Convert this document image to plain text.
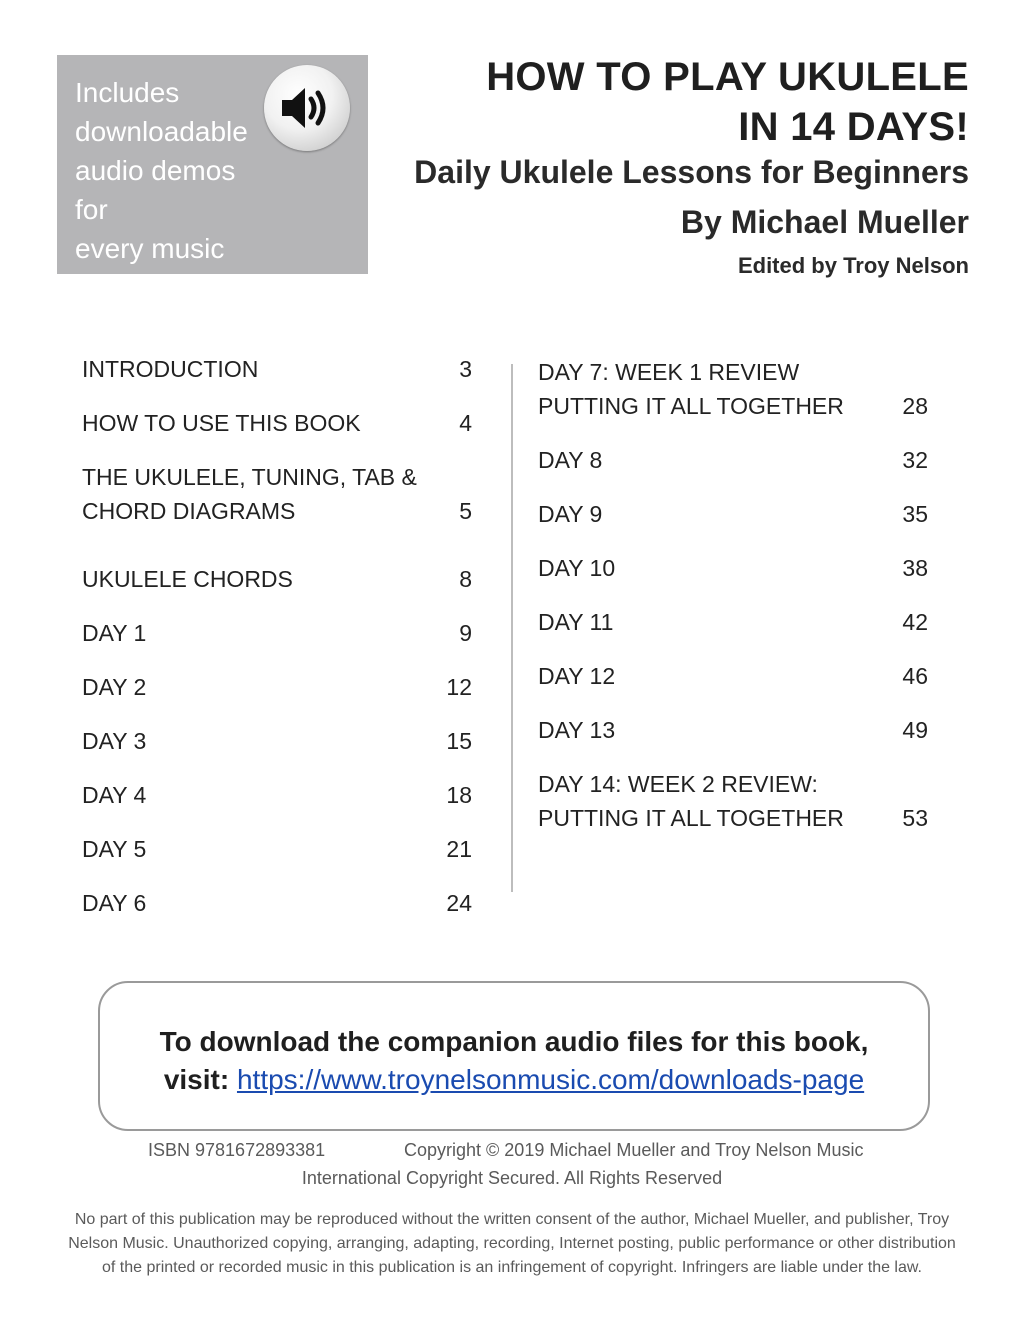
Includes
downloadable
audio demos for
every music
example!

HOW TO PLAY UKULELE
IN 14 DAYS!
Daily Ukulele Lessons for Beginners
By Michael Mueller
Edited by Troy Nelson
INTRODUCTION	3
HOW TO USE THIS BOOK	4
THE UKULELE, TUNING, TAB &
CHORD DIAGRAMS	5
UKULELE CHORDS	8
DAY 1	9
DAY 2	12
DAY 3	15
DAY 4	18
DAY 5	21
DAY 6	24
DAY 7: WEEK 1 REVIEW
PUTTING IT ALL TOGETHER	28
DAY 8	32
DAY 9	35
DAY 10	38
DAY 11	42
DAY 12	46
DAY 13	49
DAY 14: WEEK 2 REVIEW:
PUTTING IT ALL TOGETHER	53
To download the companion audio files for this book,
visit: https://www.troynelsonmusic.com/downloads-page
ISBN 9781672893381	Copyright © 2019 Michael Mueller and Troy Nelson Music
International Copyright Secured. All Rights Reserved
No part of this publication may be reproduced without the written consent of the author, Michael Mueller, and publisher, Troy
Nelson Music. Unauthorized copying, arranging, adapting, recording, Internet posting, public performance or other distribution
of the printed or recorded music in this publication is an infringement of copyright. Infringers are liable under the law.
